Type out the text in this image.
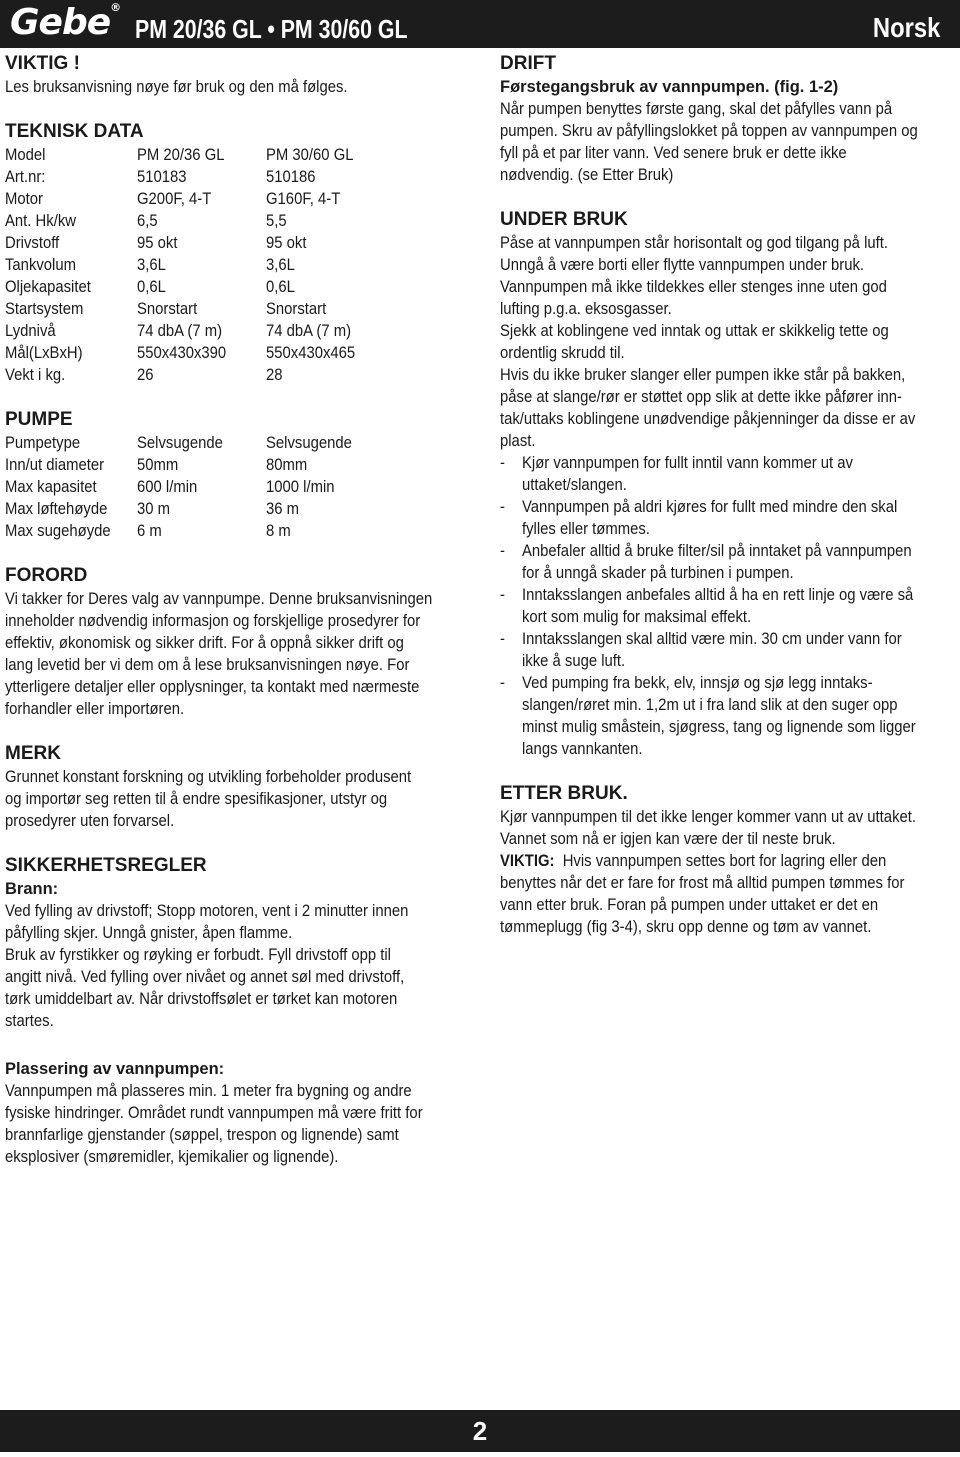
Gebe®
PM 20/36 GL • PM 30/60 GL	Norsk
VIKTIG !
Les bruksanvisning nøye før bruk og den må følges.
TEKNISK DATA
Model	PM 20/36 GL	PM 30/60 GL
Art.nr:	510183	510186
Motor	G200F, 4-T	G160F, 4-T
Ant. Hk/kw	6,5	5,5
Drivstoff	95 okt	95 okt
Tankvolum	3,6L	3,6L
Oljekapasitet	0,6L	0,6L
Startsystem	Snorstart	Snorstart
Lydnivå	74 dbA (7 m)	74 dbA (7 m)
Mål(LxBxH)	550x430x390 550x430x465
Vekt i kg.	26	28
PUMPE
Pumpetype	Selvsugende	Selvsugende
Inn/ut diameter 50mm	80mm
Max kapasitet 600 l/min	1000 l/min
Max løftehøyde 30 m	36 m
Max sugehøyde 6 m	8 m
FORORD
Vi takker for Deres valg av vannpumpe. Denne bruksanvisningen
inneholder nødvendig informasjon og forskjellige prosedyrer for
effektiv, økonomisk og sikker drift. For å oppnå sikker drift og
lang levetid ber vi dem om å lese bruksanvisningen nøye. For
ytterligere detaljer eller opplysninger, ta kontakt med nærmeste
forhandler eller importøren.
MERK
Grunnet konstant forskning og utvikling forbeholder produsent
og importør seg retten til å endre spesifikasjoner, utstyr og
prosedyrer uten forvarsel.
SIKKERHETSREGLER
Brann:
Ved fylling av drivstoff; Stopp motoren, vent i 2 minutter innen
påfylling skjer. Unngå gnister, åpen flamme.
Bruk av fyrstikker og røyking er forbudt. Fyll drivstoff opp til
angitt nivå. Ved fylling over nivået og annet søl med drivstoff,
tørk umiddelbart av. Når drivstoffsølet er tørket kan motoren
startes.
Plassering av vannpumpen:
Vannpumpen må plasseres min. 1 meter fra bygning og andre
fysiske hindringer. Området rundt vannpumpen må være fritt for
brannfarlige gjenstander (søppel, trespon og lignende) samt
eksplosiver (smøremidler, kjemikalier og lignende).
DRIFT
Førstegangsbruk av vannpumpen. (fig. 1-2)
Når pumpen benyttes første gang, skal det påfylles vann på
pumpen. Skru av påfyllingslokket på toppen av vannpumpen og
fyll på et par liter vann. Ved senere bruk er dette ikke
nødvendig. (se Etter Bruk)
UNDER BRUK
Påse at vannpumpen står horisontalt og god tilgang på luft.
Unngå å være borti eller flytte vannpumpen under bruk.
Vannpumpen må ikke tildekkes eller stenges inne uten god
lufting p.g.a. eksosgasser.
Sjekk at koblingene ved inntak og uttak er skikkelig tette og
ordentlig skrudd til.
Hvis du ikke bruker slanger eller pumpen ikke står på bakken,
påse at slange/rør er støttet opp slik at dette ikke påfører inn-
tak/uttaks koblingene unødvendige påkjenninger da disse er av
plast.
- Kjør vannpumpen for fullt inntil vann kommer ut av
uttaket/slangen.
- Vannpumpen på aldri kjøres for fullt med mindre den skal
fylles eller tømmes.
- Anbefaler alltid å bruke filter/sil på inntaket på vannpumpen
for å unngå skader på turbinen i pumpen.
- Inntaksslangen anbefales alltid å ha en rett linje og være så
kort som mulig for maksimal effekt.
- Inntaksslangen skal alltid være min. 30 cm under vann for
ikke å suge luft.
- Ved pumping fra bekk, elv, innsjø og sjø legg inntaks-
slangen/røret min. 1,2m ut i fra land slik at den suger opp
minst mulig småstein, sjøgress, tang og lignende som ligger
langs vannkanten.
ETTER BRUK.
Kjør vannpumpen til det ikke lenger kommer vann ut av uttaket.
Vannet som nå er igjen kan være der til neste bruk.
VIKTIG:  Hvis vannpumpen settes bort for lagring eller den
benyttes når det er fare for frost må alltid pumpen tømmes for
vann etter bruk. Foran på pumpen under uttaket er det en
tømmeplugg (fig 3-4), skru opp denne og tøm av vannet.
2
